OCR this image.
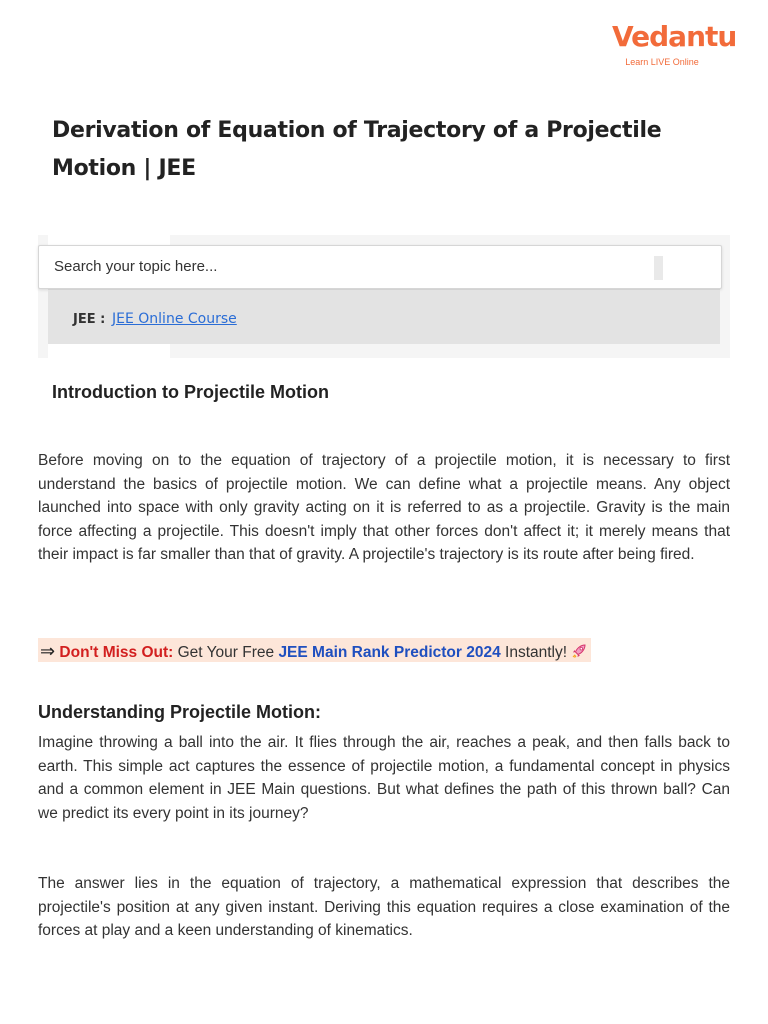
Vedantu
Learn LIVE Online
Derivation of Equation of Trajectory of a Projectile Motion | JEE
Search your topic here...
JEE : JEE Online Course
Introduction to Projectile Motion

Before moving on to the equation of trajectory of a projectile motion, it is necessary to first understand the basics of projectile motion. We can define what a projectile means. Any object launched into space with only gravity acting on it is referred to as a projectile. Gravity is the main force affecting a projectile. This doesn't imply that other forces don't affect it; it merely means that their impact is far smaller than that of gravity. A projectile's trajectory is its route after being fired.

⇒ Don't Miss Out: Get Your Free JEE Main Rank Predictor 2024 Instantly!
Understanding Projectile Motion:

Imagine throwing a ball into the air. It flies through the air, reaches a peak, and then falls back to earth. This simple act captures the essence of projectile motion, a fundamental concept in physics and a common element in JEE Main questions. But what defines the path of this thrown ball? Can we predict its every point in its journey?

The answer lies in the equation of trajectory, a mathematical expression that describes the projectile's position at any given instant. Deriving this equation requires a close examination of the forces at play and a keen understanding of kinematics.
